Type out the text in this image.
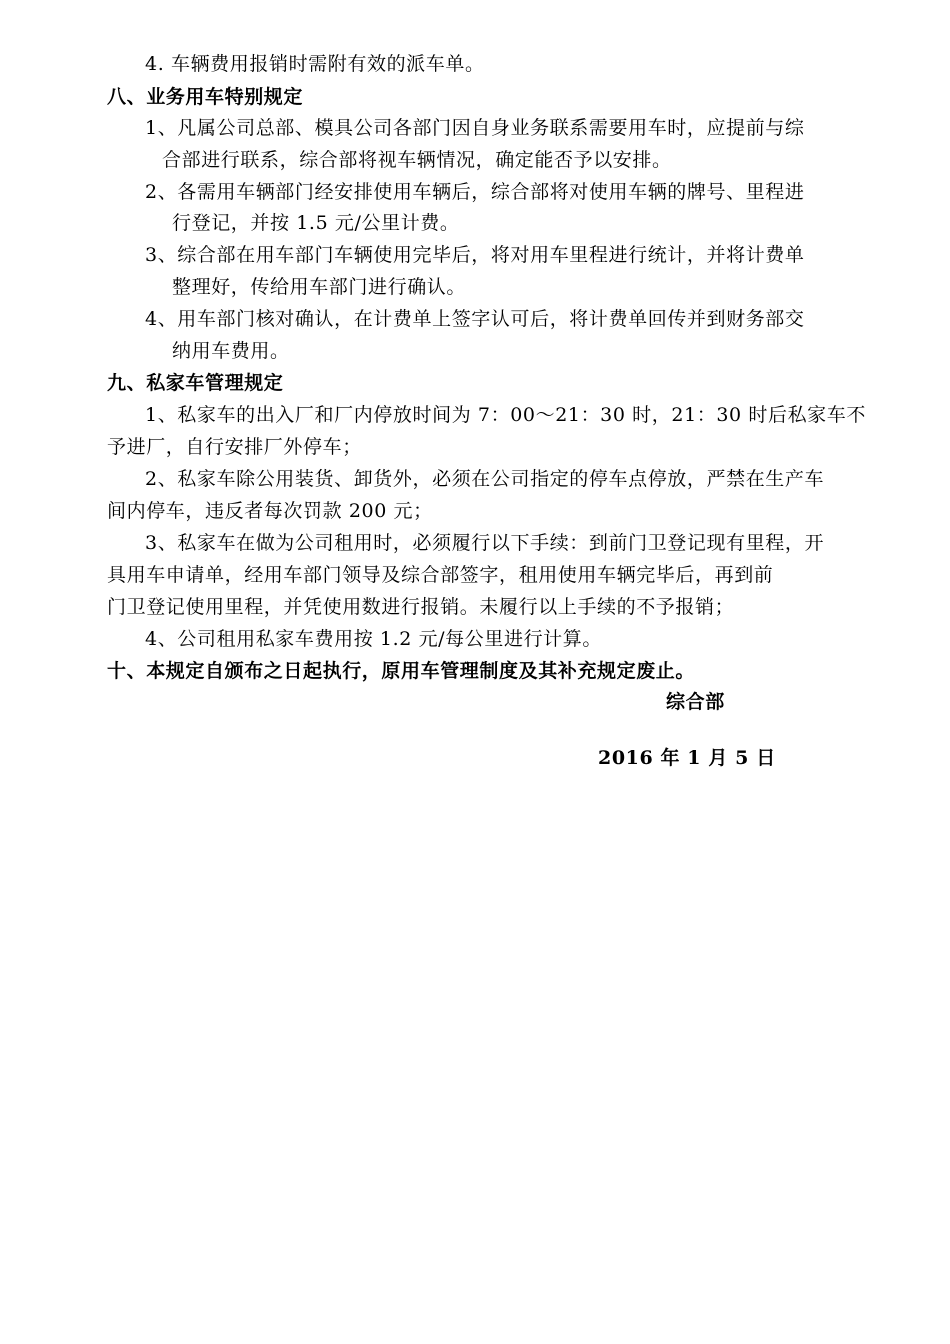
4. 车辆费用报销时需附有效的派车单。
八、业务用车特别规定
1、凡属公司总部、模具公司各部门因自身业务联系需要用车时，应提前与综
合部进行联系，综合部将视车辆情况，确定能否予以安排。
2、各需用车辆部门经安排使用车辆后，综合部将对使用车辆的牌号、里程进
行登记，并按 1.5 元/公里计费。
3、综合部在用车部门车辆使用完毕后，将对用车里程进行统计，并将计费单
整理好，传给用车部门进行确认。
4、用车部门核对确认，在计费单上签字认可后，将计费单回传并到财务部交
纳用车费用。
九、私家车管理规定
1、私家车的出入厂和厂内停放时间为 7：00～21：30 时，21：30 时后私家车不
予进厂，自行安排厂外停车；
2、私家车除公用装货、卸货外，必须在公司指定的停车点停放，严禁在生产车
间内停车，违反者每次罚款 200 元；
3、私家车在做为公司租用时，必须履行以下手续：到前门卫登记现有里程，开
具用车申请单，经用车部门领导及综合部签字，租用使用车辆完毕后，再到前
门卫登记使用里程，并凭使用数进行报销。未履行以上手续的不予报销；
4、公司租用私家车费用按 1.2 元/每公里进行计算。
十、本规定自颁布之日起执行，原用车管理制度及其补充规定废止。
综合部
2016 年 1 月 5 日
